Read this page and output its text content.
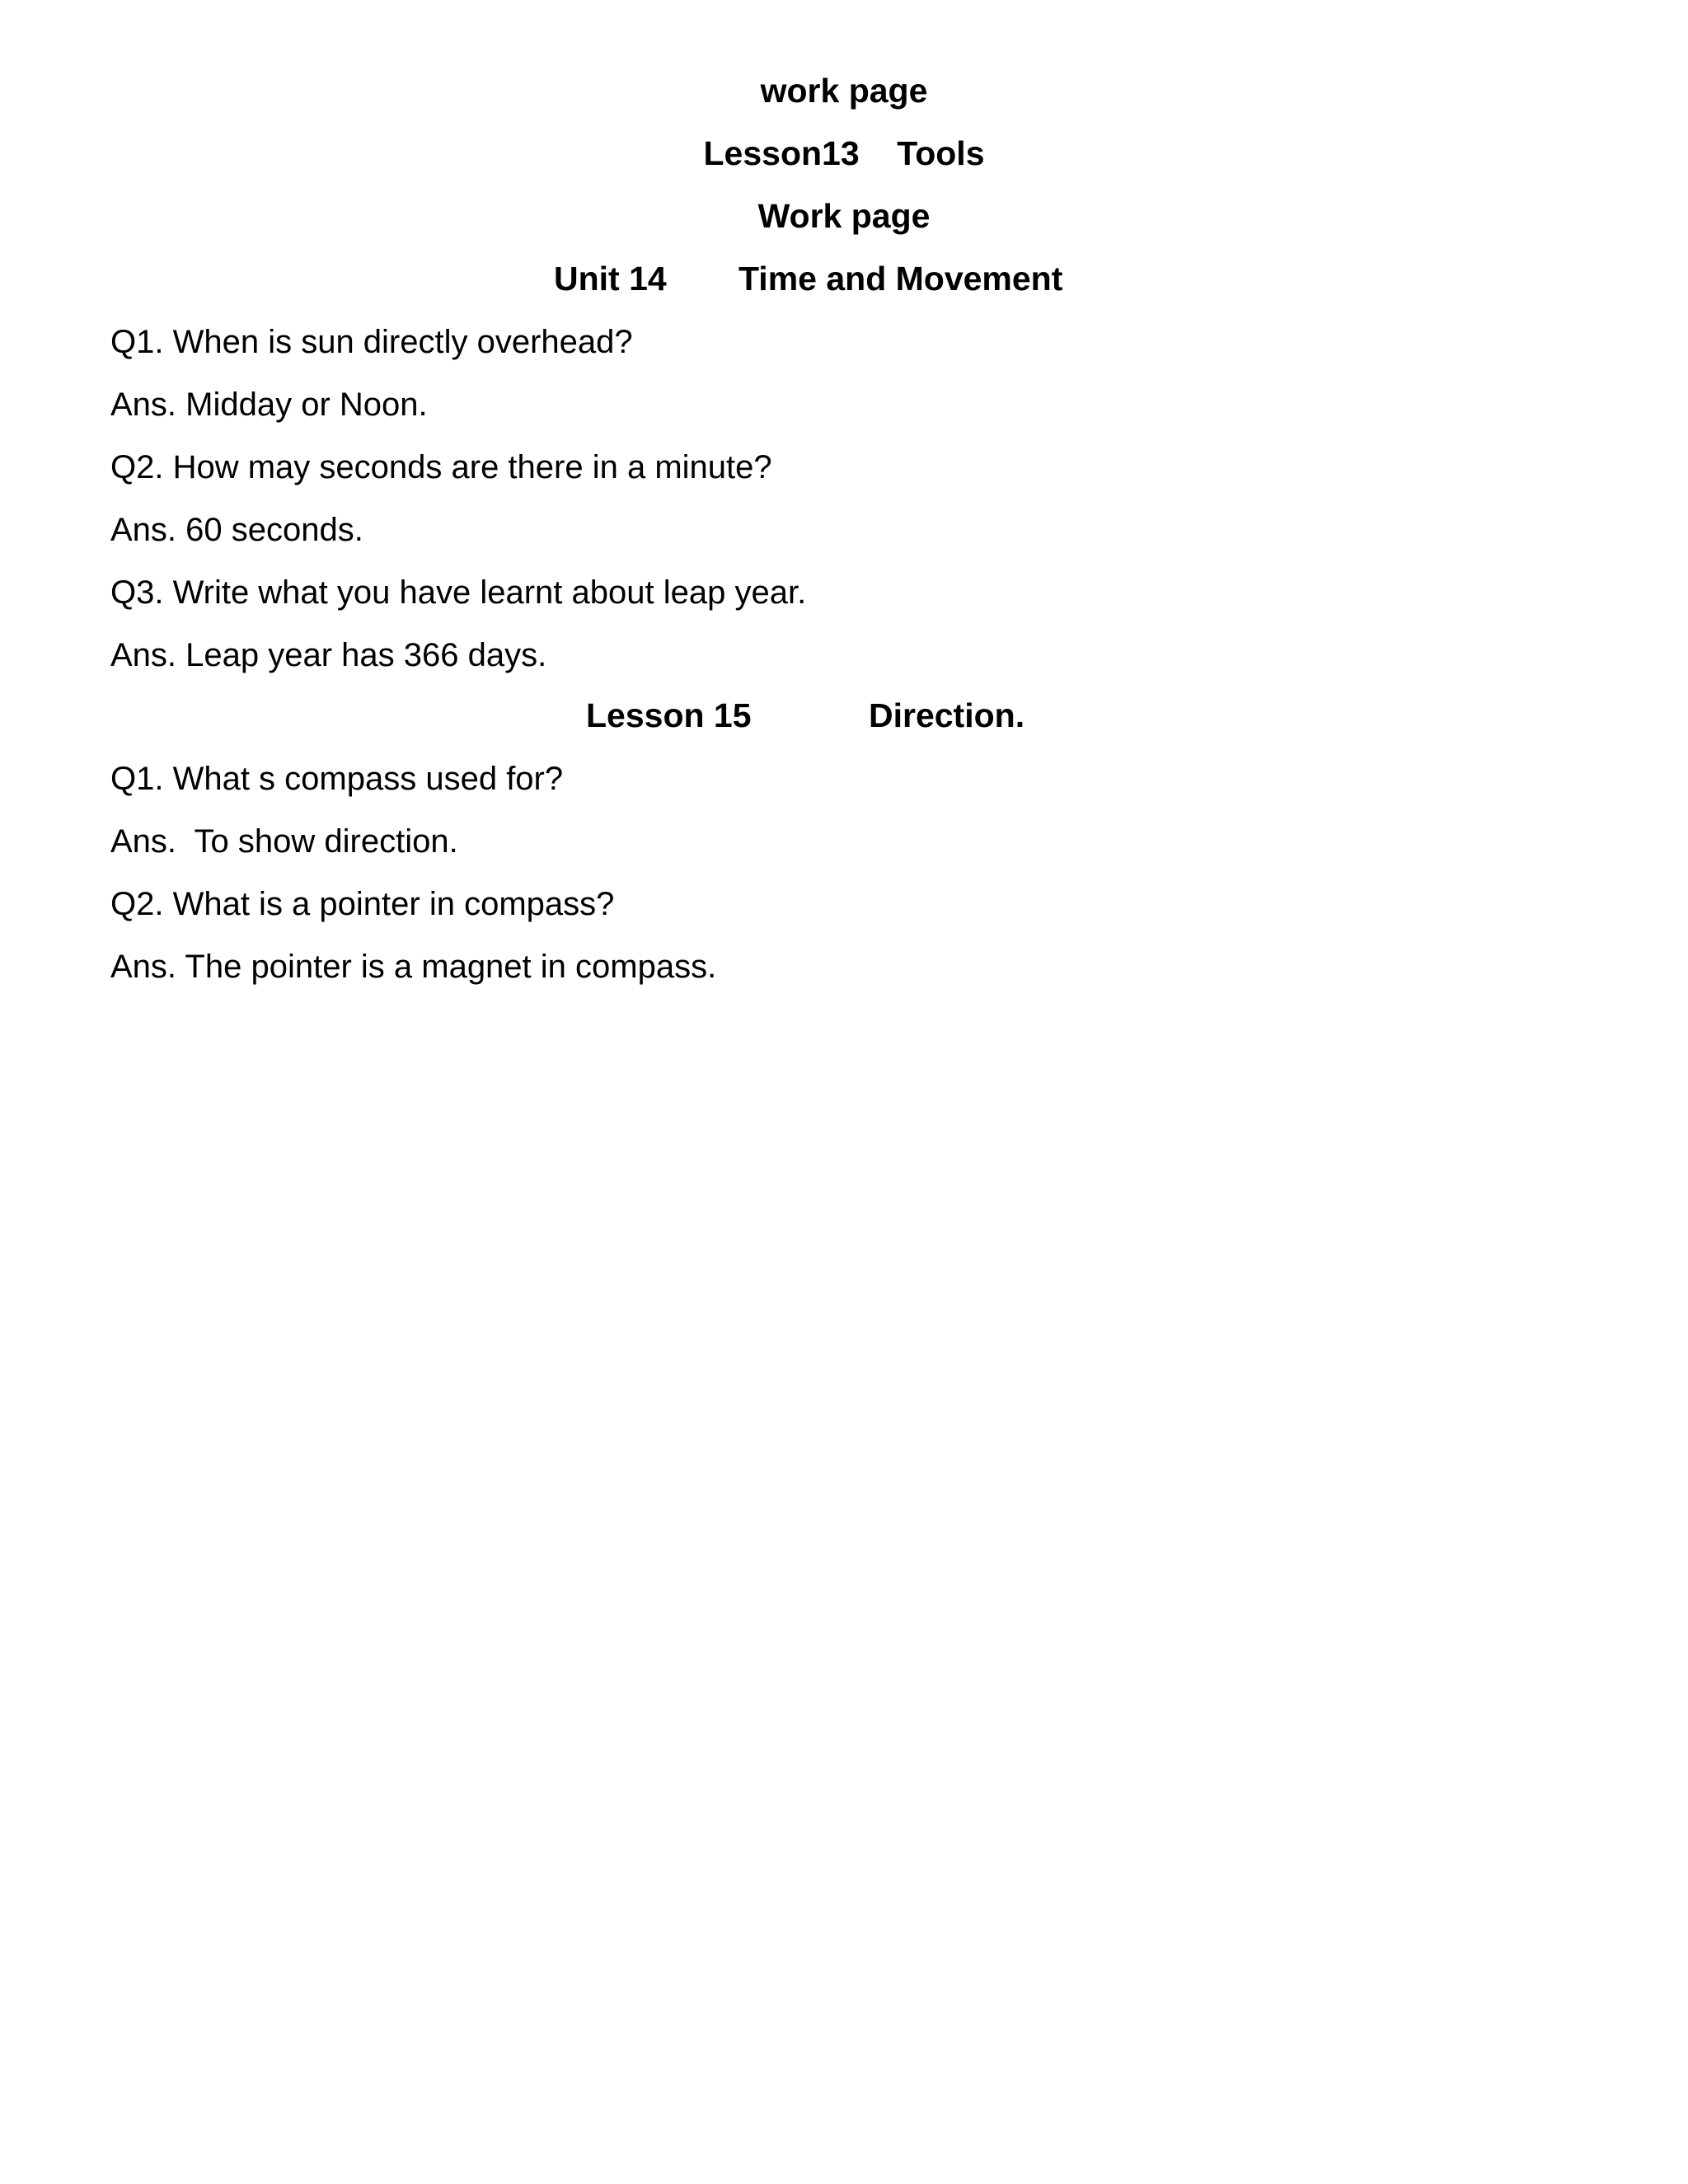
work page
Lesson13    Tools
Work page
Unit 14 Time and Movement
Q1. When is sun directly overhead?
Ans. Midday or Noon.
Q2. How may seconds are there in a minute?
Ans. 60 seconds.
Q3. Write what you have learnt about leap year.
Ans. Leap year has 366 days.
Lesson 15	Direction.
Q1. What s compass used for?
Ans.  To show direction.
Q2. What is a pointer in compass?
Ans. The pointer is a magnet in compass.
